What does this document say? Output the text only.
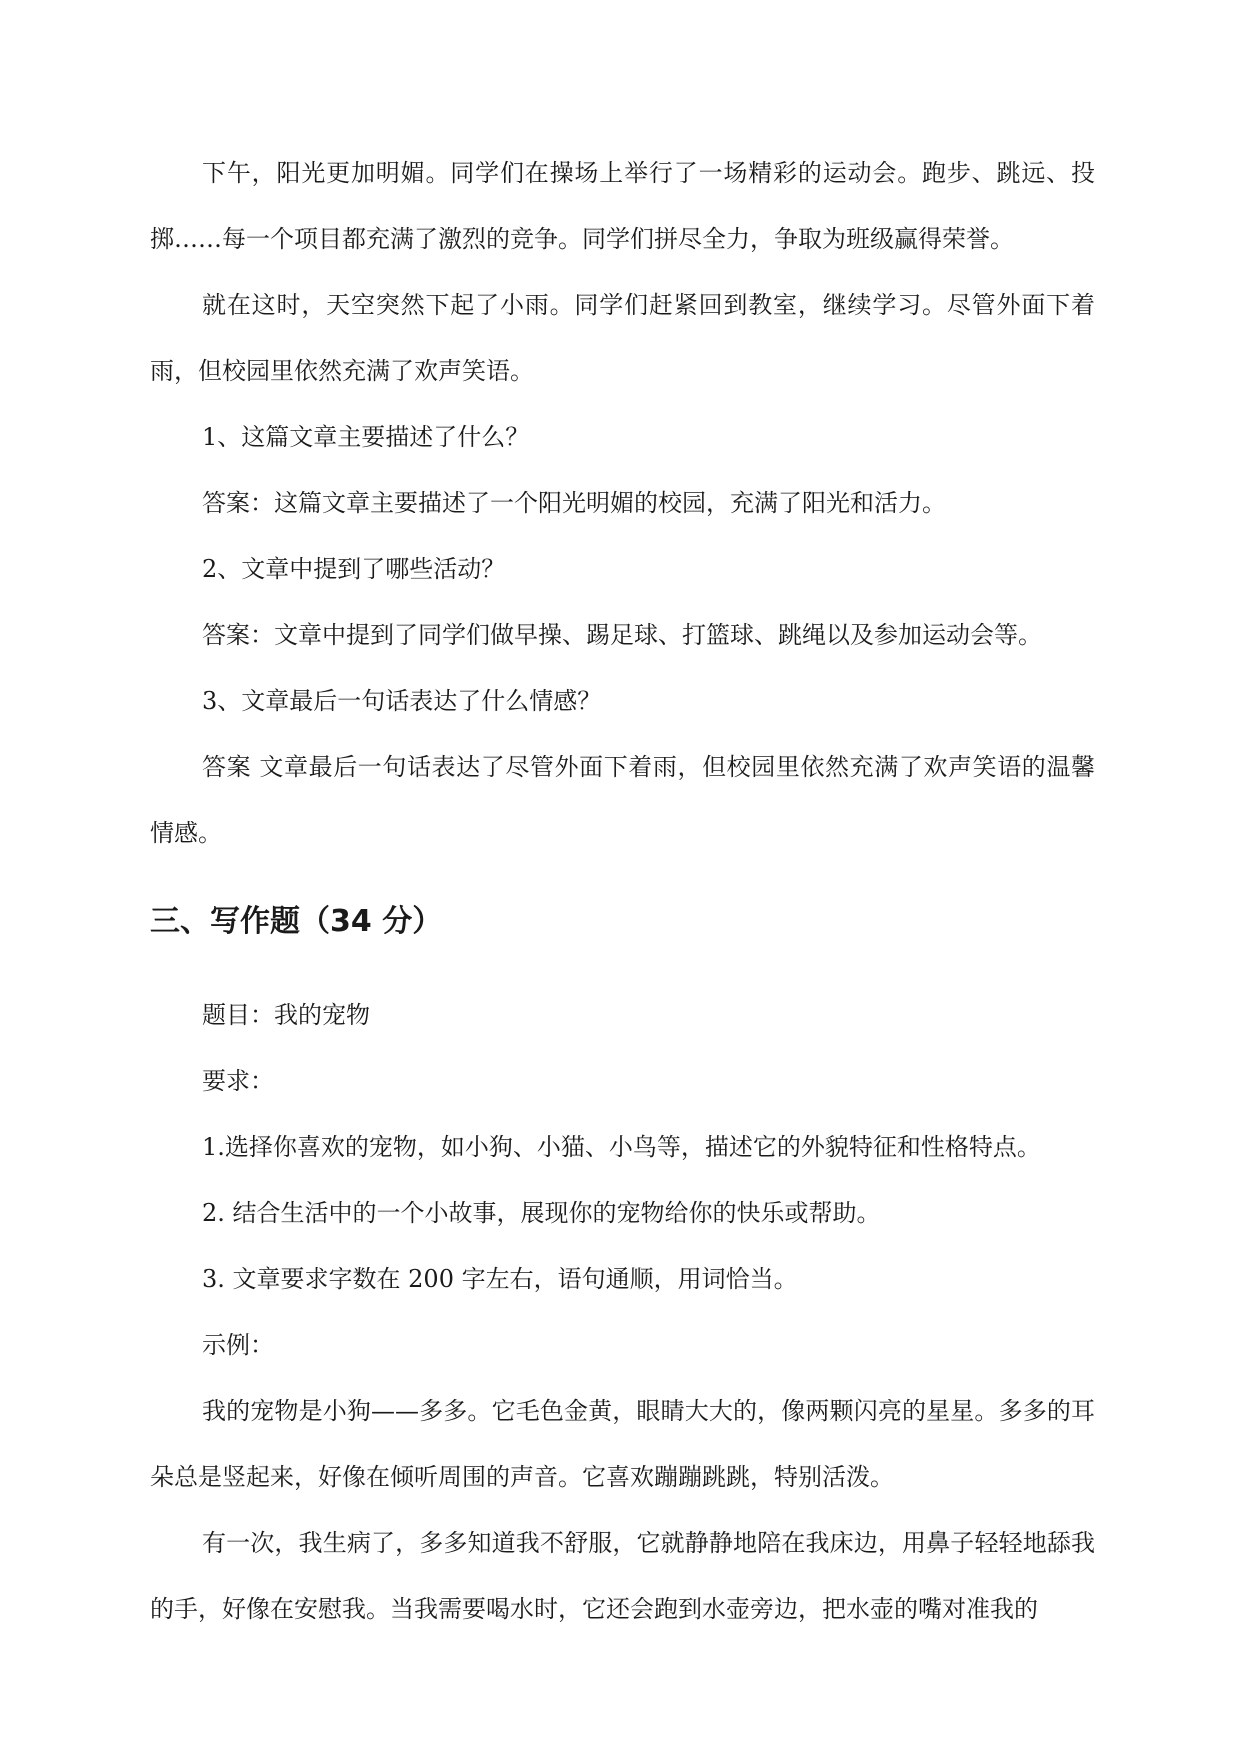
下午，阳光更加明媚。同学们在操场上举行了一场精彩的运动会。跑步、跳远、投掷……每一个项目都充满了激烈的竞争。同学们拼尽全力，争取为班级赢得荣誉。

就在这时，天空突然下起了小雨。同学们赶紧回到教室，继续学习。尽管外面下着雨，但校园里依然充满了欢声笑语。

1、这篇文章主要描述了什么？
答案：这篇文章主要描述了一个阳光明媚的校园，充满了阳光和活力。
2、文章中提到了哪些活动？
答案：文章中提到了同学们做早操、踢足球、打篮球、跳绳以及参加运动会等。
3、文章最后一句话表达了什么情感？

答案 文章最后一句话表达了尽管外面下着雨，但校园里依然充满了欢声笑语的温馨情感。

三、写作题（34 分）
题目：我的宠物
要求：
1.选择你喜欢的宠物，如小狗、小猫、小鸟等，描述它的外貌特征和性格特点。
2. 结合生活中的一个小故事，展现你的宠物给你的快乐或帮助。
3. 文章要求字数在 200 字左右，语句通顺，用词恰当。
示例：

我的宠物是小狗——多多。它毛色金黄，眼睛大大的，像两颗闪亮的星星。多多的耳朵总是竖起来，好像在倾听周围的声音。它喜欢蹦蹦跳跳，特别活泼。

有一次，我生病了，多多知道我不舒服，它就静静地陪在我床边，用鼻子轻轻地舔我的手，好像在安慰我。当我需要喝水时，它还会跑到水壶旁边，把水壶的嘴对准我的
